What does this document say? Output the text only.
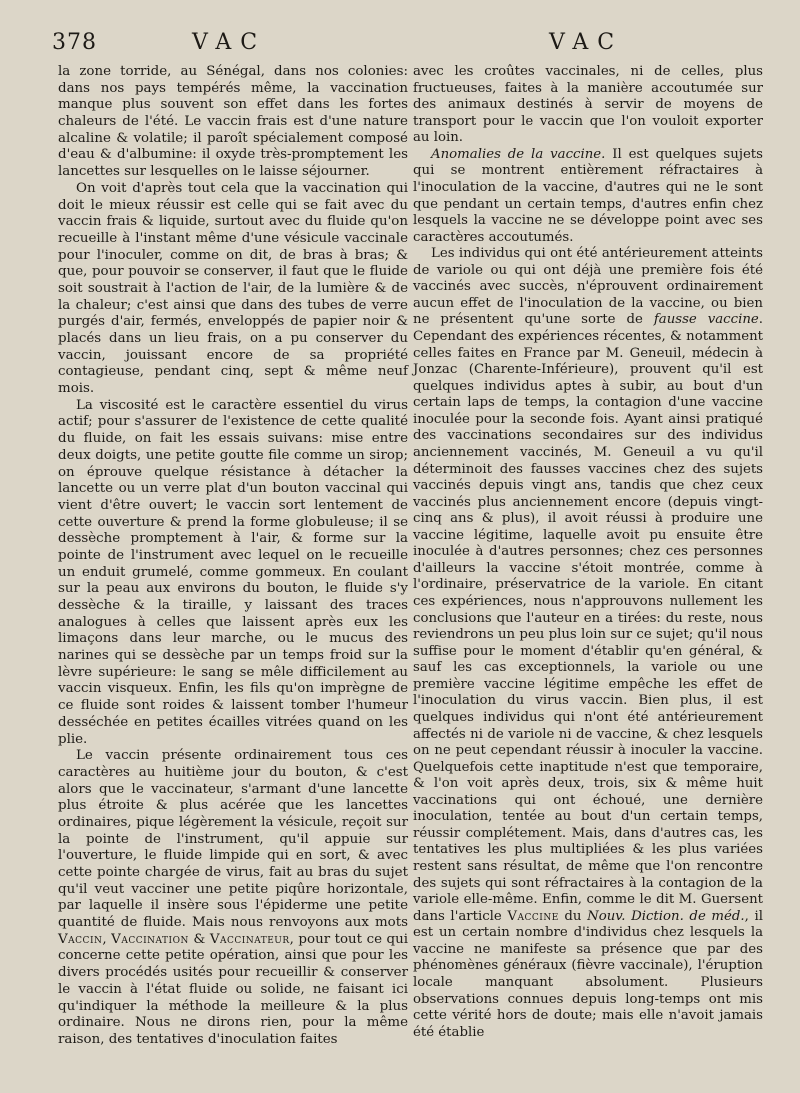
378	VAC	VAC

la zone torride, au Sénégal, dans nos colonies: dans nos pays tempérés même, la vaccination manque plus souvent son effet dans les fortes chaleurs de l'été. Le vaccin frais est d'une nature alcaline & volatile; il paroît spécialement composé d'eau & d'albumine: il oxyde très-promptement les lancettes sur lesquelles on le laisse séjourner.

On voit d'après tout cela que la vaccination qui doit le mieux réussir est celle qui se fait avec du vaccin frais & liquide, surtout avec du fluide qu'on recueille à l'instant même d'une vésicule vaccinale pour l'inoculer, comme on dit, de bras à bras; & que, pour pouvoir se conserver, il faut que le fluide soit soustrait à l'action de l'air, de la lumière & de la chaleur; c'est ainsi que dans des tubes de verre purgés d'air, fermés, enveloppés de papier noir & placés dans un lieu frais, on a pu conserver du vaccin, jouissant encore de sa propriété contagieuse, pendant cinq, sept & même neuf mois.

La viscosité est le caractère essentiel du virus actif; pour s'assurer de l'existence de cette qualité du fluide, on fait les essais suivans: mise entre deux doigts, une petite goutte file comme un sirop; on éprouve quelque résistance à détacher la lancette ou un verre plat d'un bouton vaccinal qui vient d'être ouvert; le vaccin sort lentement de cette ouverture & prend la forme globuleuse; il se dessèche promptement à l'air, & forme sur la pointe de l'instrument avec lequel on le recueille un enduit grumelé, comme gommeux. En coulant sur la peau aux environs du bouton, le fluide s'y dessèche & la tiraille, y laissant des traces analogues à celles que laissent après eux les limaçons dans leur marche, ou le mucus des narines qui se dessèche par un temps froid sur la lèvre supérieure: le sang se mêle difficilement au vaccin visqueux. Enfin, les fils qu'on imprègne de ce fluide sont roides & laissent tomber l'humeur desséchée en petites écailles vitrées quand on les plie.

Le vaccin présente ordinairement tous ces caractères au huitième jour du bouton, & c'est alors que le vaccinateur, s'armant d'une lancette plus étroite & plus acérée que les lancettes ordinaires, pique légèrement la vésicule, reçoit sur la pointe de l'instrument, qu'il appuie sur l'ouverture, le fluide limpide qui en sort, & avec cette pointe chargée de virus, fait au bras du sujet qu'il veut vacciner une petite piqûre horizontale, par laquelle il insère sous l'épiderme une petite quantité de fluide. Mais nous renvoyons aux mots Vaccin, Vaccination & Vaccinateur, pour tout ce qui concerne cette petite opération, ainsi que pour les divers procédés usités pour recueillir & conserver le vaccin à l'état fluide ou solide, ne faisant ici qu'indiquer la méthode la meilleure & la plus ordinaire. Nous ne dirons rien, pour la même raison, des tentatives d'inoculation faites

avec les croûtes vaccinales, ni de celles, plus fructueuses, faites à la manière accoutumée sur des animaux destinés à servir de moyens de transport pour le vaccin que l'on vouloit exporter au loin.

Anomalies de la vaccine. Il est quelques sujets qui se montrent entièrement réfractaires à l'inoculation de la vaccine, d'autres qui ne le sont que pendant un certain temps, d'autres enfin chez lesquels la vaccine ne se développe point avec ses caractères accoutumés.

Les individus qui ont été antérieurement atteints de variole ou qui ont déjà une première fois été vaccinés avec succès, n'éprouvent ordinairement aucun effet de l'inoculation de la vaccine, ou bien ne présentent qu'une sorte de fausse vaccine. Cependant des expériences récentes, & notamment celles faites en France par M. Geneuil, médecin à Jonzac (Charente-Inférieure), prouvent qu'il est quelques individus aptes à subir, au bout d'un certain laps de temps, la contagion d'une vaccine inoculée pour la seconde fois. Ayant ainsi pratiqué des vaccinations secondaires sur des individus anciennement vaccinés, M. Geneuil a vu qu'il déterminoit des fausses vaccines chez des sujets vaccinés depuis vingt ans, tandis que chez ceux vaccinés plus anciennement encore (depuis vingt-cinq ans & plus), il avoit réussi à produire une vaccine légitime, laquelle avoit pu ensuite être inoculée à d'autres personnes; chez ces personnes d'ailleurs la vaccine s'étoit montrée, comme à l'ordinaire, préservatrice de la variole. En citant ces expériences, nous n'approuvons nullement les conclusions que l'auteur en a tirées: du reste, nous reviendrons un peu plus loin sur ce sujet; qu'il nous suffise pour le moment d'établir qu'en général, & sauf les cas exceptionnels, la variole ou une première vaccine légitime empêche les effet de l'inoculation du virus vaccin. Bien plus, il est quelques individus qui n'ont été antérieurement affectés ni de variole ni de vaccine, & chez lesquels on ne peut cependant réussir à inoculer la vaccine. Quelquefois cette inaptitude n'est que temporaire, & l'on voit après deux, trois, six & même huit vaccinations qui ont échoué, une dernière inoculation, tentée au bout d'un certain temps, réussir complétement. Mais, dans d'autres cas, les tentatives les plus multipliées & les plus variées restent sans résultat, de même que l'on rencontre des sujets qui sont réfractaires à la contagion de la variole elle-même. Enfin, comme le dit M. Guersent dans l'article Vaccine du Nouv. Diction. de méd., il est un certain nombre d'individus chez lesquels la vaccine ne manifeste sa présence que par des phénomènes généraux (fièvre vaccinale), l'éruption locale manquant absolument. Plusieurs observations connues depuis long-temps ont mis cette vérité hors de doute; mais elle n'avoit jamais été établie
